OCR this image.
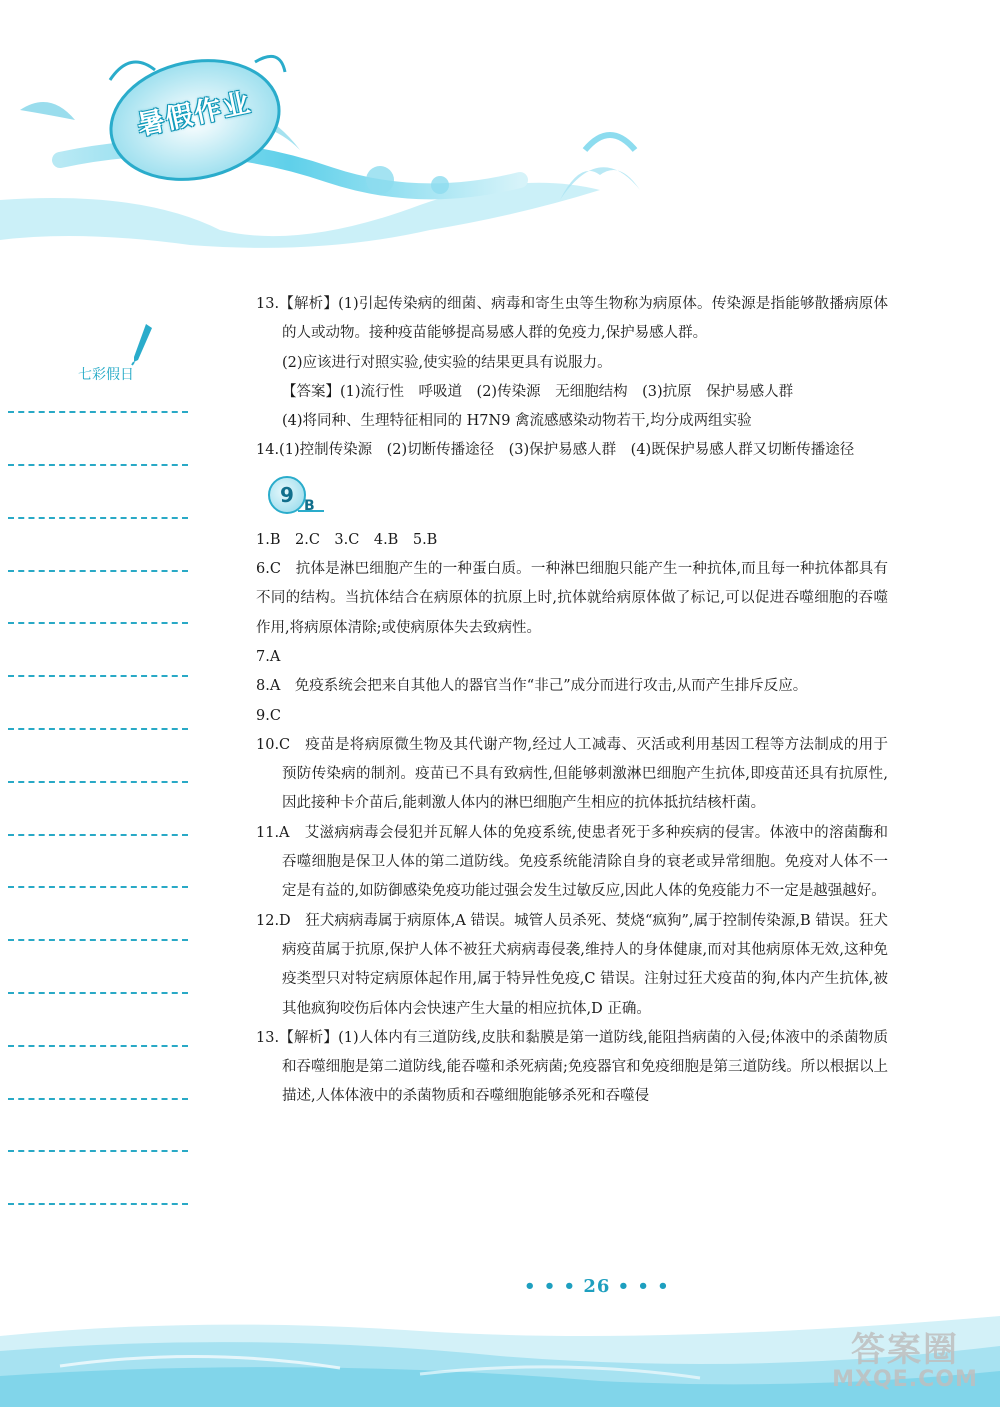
暑假作业
七彩假日

13.【解析】(1)引起传染病的细菌、病毒和寄生虫等生物称为病原体。传染源是指能够散播病原体的人或动物。接种疫苗能够提高易感人群的免疫力,保护易感人群。

(2)应该进行对照实验,使实验的结果更具有说服力。

【答案】(1)流行性　呼吸道　(2)传染源　无细胞结构　(3)抗原　保护易感人群

(4)将同种、生理特征相同的 H7N9 禽流感感染动物若干,均分成两组实验

14.(1)控制传染源　(2)切断传播途径　(3)保护易感人群　(4)既保护易感人群又切断传播途径

9 B

1.B　2.C　3.C　4.B　5.B

6.C　抗体是淋巴细胞产生的一种蛋白质。一种淋巴细胞只能产生一种抗体,而且每一种抗体都具有不同的结构。当抗体结合在病原体的抗原上时,抗体就给病原体做了标记,可以促进吞噬细胞的吞噬作用,将病原体清除;或使病原体失去致病性。

7.A

8.A　免疫系统会把来自其他人的器官当作“非己”成分而进行攻击,从而产生排斥反应。

9.C

10.C　疫苗是将病原微生物及其代谢产物,经过人工减毒、灭活或利用基因工程等方法制成的用于预防传染病的制剂。疫苗已不具有致病性,但能够刺激淋巴细胞产生抗体,即疫苗还具有抗原性,因此接种卡介苗后,能刺激人体内的淋巴细胞产生相应的抗体抵抗结核杆菌。

11.A　艾滋病病毒会侵犯并瓦解人体的免疫系统,使患者死于多种疾病的侵害。体液中的溶菌酶和吞噬细胞是保卫人体的第二道防线。免疫系统能清除自身的衰老或异常细胞。免疫对人体不一定是有益的,如防御感染免疫功能过强会发生过敏反应,因此人体的免疫能力不一定是越强越好。

12.D　狂犬病病毒属于病原体,A 错误。城管人员杀死、焚烧“疯狗”,属于控制传染源,B 错误。狂犬病疫苗属于抗原,保护人体不被狂犬病病毒侵袭,维持人的身体健康,而对其他病原体无效,这种免疫类型只对特定病原体起作用,属于特异性免疫,C 错误。注射过狂犬疫苗的狗,体内产生抗体,被其他疯狗咬伤后体内会快速产生大量的相应抗体,D 正确。

13.【解析】(1)人体内有三道防线,皮肤和黏膜是第一道防线,能阻挡病菌的入侵;体液中的杀菌物质和吞噬细胞是第二道防线,能吞噬和杀死病菌;免疫器官和免疫细胞是第三道防线。所以根据以上描述,人体体液中的杀菌物质和吞噬细胞能够杀死和吞噬侵

• • • 26 • • •
答案圈
MXQE.COM
